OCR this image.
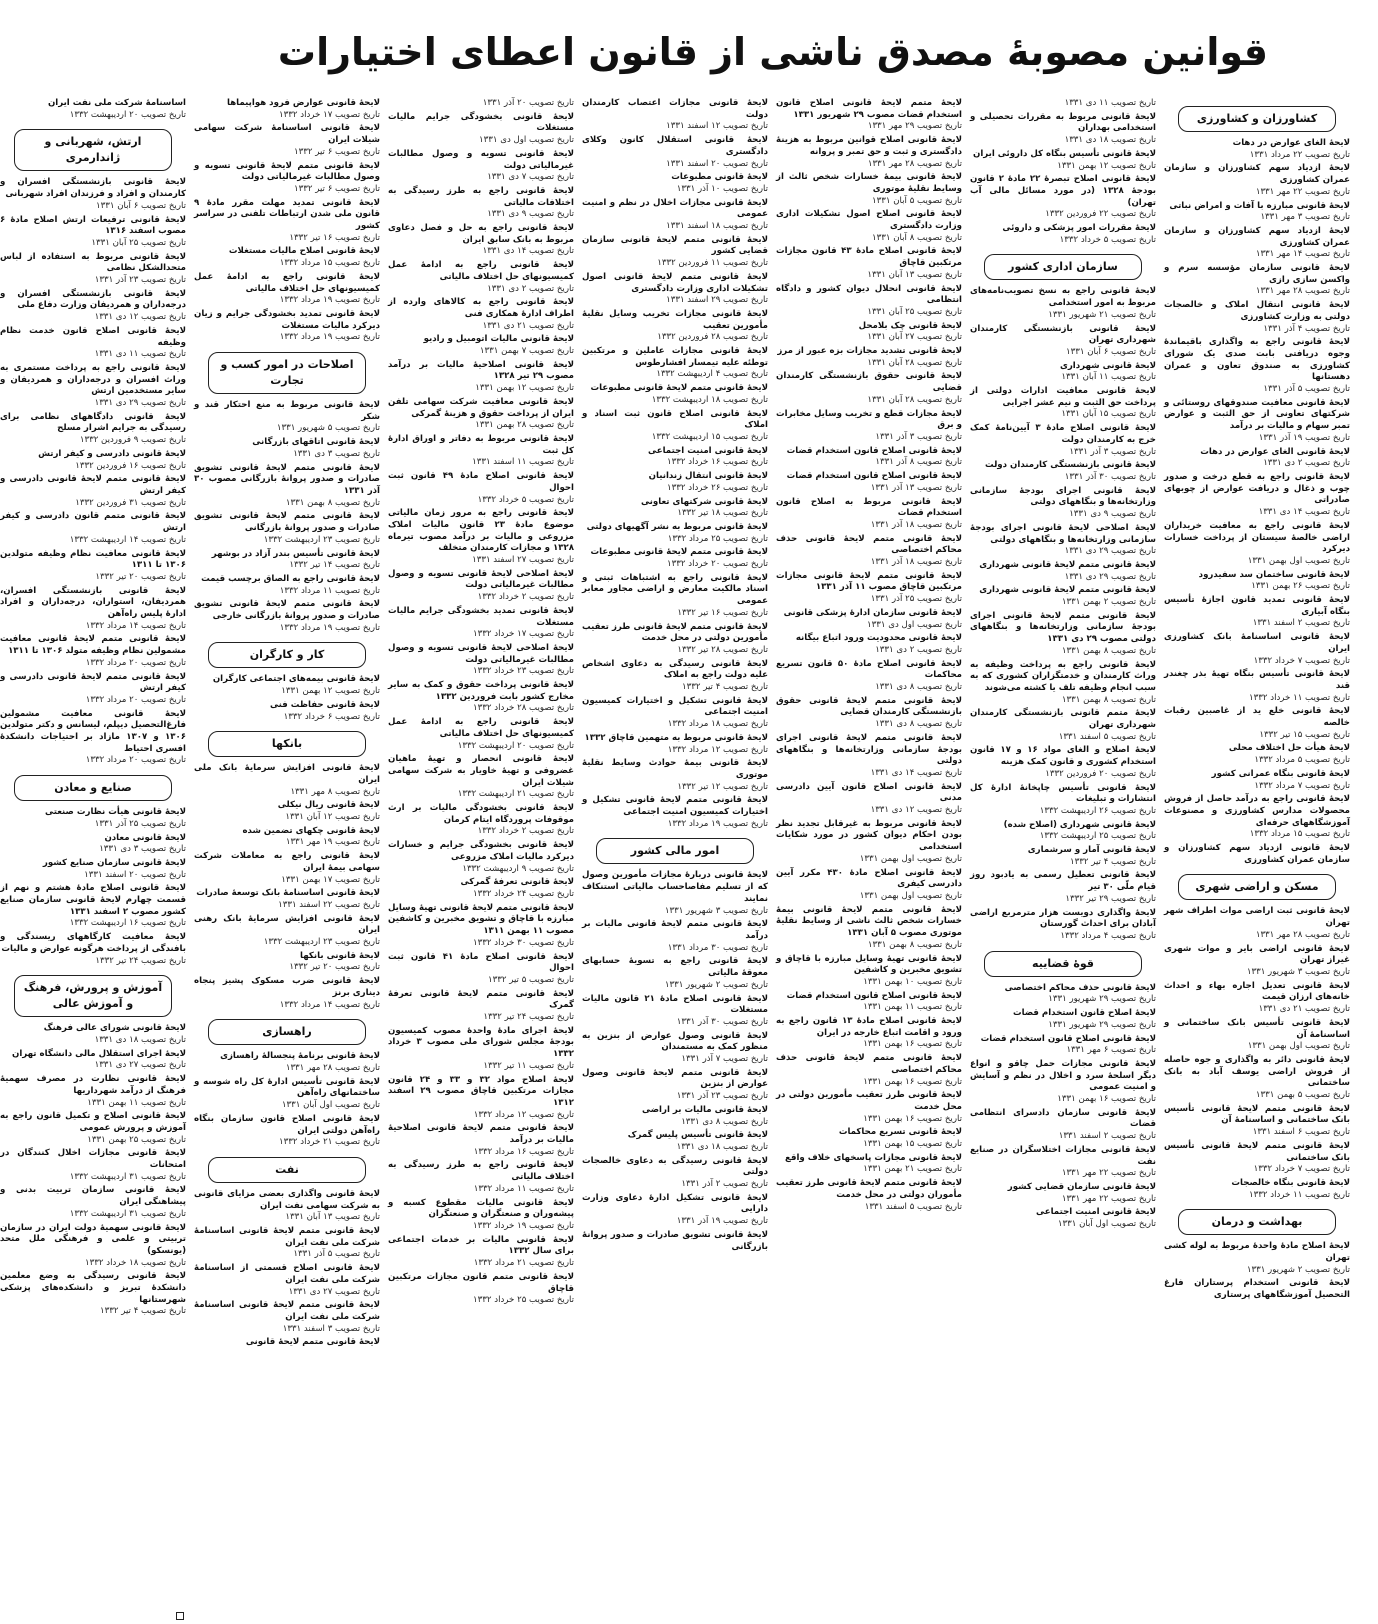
قوانین مصوبۀ مصدق ناشی از قانون اعطای اختیارات
کشاورزان و کشاورزی

لایحۀ الغای عوارض در دهات

تاریخ تصویب ۲۲ مرداد ۱۳۳۱

لایحۀ ازدیاد سهم کشاورزان و سازمان عمران کشاورزی

تاریخ تصویب ۲۲ مهر ۱۳۳۱

لایحۀ قانونی مبارزه با آفات و امراض نباتی

تاریخ تصویب ۳ مهر ۱۳۳۱

لایحۀ ازدیاد سهم کشاورزان و سازمان عمران کشاورزی

تاریخ تصویب ۱۴ مهر ۱۳۳۱

لایحۀ قانونی سازمان مؤسسه سرم و واکسن سازی رازی

تاریخ تصویب ۲۸ مهر ۱۳۳۱

لایحۀ قانونی انتقال املاک و خالصجات دولتی به وزارت کشاورزی

تاریخ تصویب ۴ آذر ۱۳۳۱

لایحۀ قانونی راجع به واگذاری باقیماندۀ وجوه دریافتی بابت صدی یک شورای کشاورزی به صندوق تعاون و عمران دهستانها

تاریخ تصویب ۵ آذر ۱۳۳۱

لایحۀ قانونی معافیت صندوقهای روستائی و شرکتهای تعاونی از حق الثبت و عوارض تمبر سهام و مالیات بر درآمد

تاریخ تصویب ۱۹ آذر ۱۳۳۱

لایحۀ قانونی الغای عوارض در دهات

تاریخ تصویب ۲ دی ۱۳۳۱

لایحۀ قانونی راجع به قطع درخت و صدور چوب و ذغال و دریافت عوارض از چوبهای صادراتی

تاریخ تصویب ۱۴ دی ۱۳۳۱

لایحۀ قانونی راجع به معافیت خریداران اراضی خالصۀ سیستان از پرداخت خسارات دیرکرد

تاریخ تصویب اول بهمن ۱۳۳۱

لایحۀ قانونی ساختمان سد سفیدرود

تاریخ تصویب ۲۶ بهمن ۱۳۳۱

لایحۀ قانونی تمدید قانون اجازۀ تأسیس بنگاه آبیاری

تاریخ تصویب ۲ اسفند ۱۳۳۱

لایحۀ قانونی اساسنامۀ بانک کشاورزی ایران

تاریخ تصویب ۷ خرداد ۱۳۳۲

لایحۀ قانونی تأسیس بنگاه تهیۀ بذر چغندر قند

تاریخ تصویب ۱۱ خرداد ۱۳۳۲

لایحۀ قانونی خلع ید از غاصبین رقبات خالصه

تاریخ تصویب ۱۵ تیر ۱۳۳۲

لایحۀ هیأت حل اختلاف محلی

تاریخ تصویب ۵ مرداد ۱۳۳۲

لایحۀ قانونی بنگاه عمرانی کشور

تاریخ تصویب ۷ مرداد ۱۳۳۲

لایحۀ قانونی راجع به درآمد حاصل از فروش محصولات مدارس کشاورزی و مصنوعات آموزشگاههای حرفه‌ای

تاریخ تصویب ۱۵ مرداد ۱۳۳۲

لایحۀ قانونی ازدیاد سهم کشاورزان و سازمان عمران کشاورزی

مسکن و اراضی شهری

لایحۀ قانونی ثبت اراضی موات اطراف شهر تهران

تاریخ تصویب ۲۸ مهر ۱۳۳۱

لایحۀ قانونی اراضی بایر و موات شهری غیراز تهران

تاریخ تصویب ۳ شهریور ۱۳۳۱

لایحۀ قانونی تعدیل اجاره بهاء و احداث خانه‌های ارزان قیمت

تاریخ تصویب ۲۱ دی ۱۳۳۱

لایحۀ قانونی تأسیس بانک ساختمانی و اساسنامۀ آن

تاریخ تصویب اول بهمن ۱۳۳۱

لایحۀ قانونی دائر به واگذاری و جوه حاصله از فروش اراضی یوسف آباد به بانک ساختمانی

تاریخ تصویب ۵ بهمن ۱۳۳۱

لایحۀ قانونی متمم لایحۀ قانونی تأسیس بانک ساختمانی و اساسنامۀ آن

تاریخ تصویب ۶ اسفند ۱۳۳۱

لایحۀ قانونی متمم لایحۀ قانونی تأسیس بانک ساختمانی

تاریخ تصویب ۷ خرداد ۱۳۳۲

لایحۀ قانونی بنگاه خالصجات

تاریخ تصویب ۱۱ خرداد ۱۳۳۲

بهداشت و درمان

لایحۀ اصلاح مادۀ واحدۀ مربوط به لوله کشی تهران

تاریخ تصویب ۲ شهریور ۱۳۳۱

لایحۀ قانونی استخدام پرستاران فارغ التحصیل آموزشگاههای پرستاری

تاریخ تصویب ۱۱ دی ۱۳۳۱

لایحۀ قانونی مربوط به مقررات تحصیلی و استخدامی بهداران

تاریخ تصویب ۱۸ دی ۱۳۳۱

لایحۀ قانونی تأسیس بنگاه کل داروئی ایران

تاریخ تصویب ۱۲ بهمن ۱۳۳۱

لایحۀ قانونی اصلاح تبصرۀ ۲۲ مادۀ ۲ قانون بودجۀ ۱۳۲۸ (در مورد مسائل مالی آب تهران)

تاریخ تصویب ۲۲ فروردین ۱۳۳۲

لایحۀ مقررات امور پزشکی و داروئی

تاریخ تصویب ۵ خرداد ۱۳۳۲

سازمان اداری کشور

لایحۀ قانونی راجع به نسخ تصویب‌نامه‌های مربوط به امور استخدامی

تاریخ تصویب ۲۱ شهریور ۱۳۳۱

لایحۀ قانونی بازنشستگی کارمندان شهرداری تهران

تاریخ تصویب ۶ آبان ۱۳۳۱

لایحۀ قانونی شهرداری

تاریخ تصویب ۱۱ آبان ۱۳۳۱

لایحۀ قانونی معافیت ادارات دولتی از پرداخت حق الثبت و نیم عشر اجرایی

تاریخ تصویب ۱۵ آبان ۱۳۳۱

لایحۀ قانونی اصلاح مادۀ ۳ آیین‌نامۀ کمک خرج به کارمندان دولت

تاریخ تصویب ۳ آذر ۱۳۳۱

لایحۀ قانونی بازنشستگی کارمندان دولت

تاریخ تصویب ۳۰ آذر ۱۳۳۱

لایحۀ قانونی اجرای بودجۀ سازمانی وزارتخانه‌ها و بنگاههای دولتی

تاریخ تصویب ۹ دی ۱۳۳۱

لایحۀ اصلاحی لایحۀ قانونی اجرای بودجۀ سازمانی وزارتخانه‌ها و بنگاههای دولتی

تاریخ تصویب ۲۹ دی ۱۳۳۱

لایحۀ قانونی متمم لایحۀ قانونی شهرداری

تاریخ تصویب ۲۹ دی ۱۳۳۱

لایحۀ قانونی متمم لایحۀ قانونی شهرداری

تاریخ تصویب ۲ بهمن ۱۳۳۱

لایحۀ قانونی متمم لایحۀ قانونی اجرای بودجۀ سازمانی وزارتخانه‌ها و بنگاههای دولتی مصوب ۲۹ دی ۱۳۳۱

تاریخ تصویب ۸ بهمن ۱۳۳۱

لایحۀ قانونی راجع به پرداخت وظیفه به وراث کارمندان و خدمتگزاران کشوری که به سبب انجام وظیفه تلف یا کشته می‌شوند

تاریخ تصویب ۸ بهمن ۱۳۳۱

لایحۀ متمم قانونی بازنشستگی کارمندان شهرداری تهران

تاریخ تصویب ۵ اسفند ۱۳۳۱

لایحۀ اصلاح و الغای مواد ۱۶ و ۱۷ قانون استخدام کشوری و قانون کمک هزینه

تاریخ تصویب ۲۰ فروردین ۱۳۳۲

لایحۀ قانونی تأسیس چاپخانۀ ادارۀ کل انتشارات و تبلیغات

تاریخ تصویب ۲۶ اردیبهشت ۱۳۳۲

لایحۀ قانونی شهرداری (اصلاح شده)

تاریخ تصویب ۲۵ اردیبهشت ۱۳۳۲

لایحۀ قانونی آمار و سرشماری

تاریخ تصویب ۴ تیر ۱۳۳۲

لایحۀ قانونی تعطیل رسمی به یادبود روز قیام ملّی ۳۰ تیر

تاریخ تصویب ۲۹ تیر ۱۳۳۲

لایحۀ واگذاری دویست هزار مترمربع اراضی آبادان برای احداث گورستان

تاریخ تصویب ۴ مرداد ۱۳۳۲

قوۀ قضاییه

لایحۀ قانونی حذف محاکم اختصاصی

تاریخ تصویب ۲۹ شهریور ۱۳۳۱

لایحۀ اصلاح قانون استخدام قضات

تاریخ تصویب ۲۹ شهریور ۱۳۳۱

لایحۀ قانونی اصلاح قانون استخدام قضات

تاریخ تصویب ۶ مهر ۱۳۳۱

لایحۀ قانونی مجازات حمل چاقو و انواع دیگر اسلحۀ سرد و اخلال در نظم و آسایش و امنیت عمومی

تاریخ تصویب ۱۶ بهمن ۱۳۳۱

لایحۀ قانونی سازمان دادسرای انتظامی قضات

تاریخ تصویب ۲ اسفند ۱۳۳۱

لایحۀ قانونی مجازات اختلاسگران در صنایع نفت

تاریخ تصویب ۲۲ مهر ۱۳۳۱

لایحۀ قانونی سازمان قضایی کشور

تاریخ تصویب ۲۲ مهر ۱۳۳۱

لایحۀ قانونی امنیت اجتماعی

تاریخ تصویب اول آبان ۱۳۳۱

لایحۀ متمم لایحۀ قانونی اصلاح قانون استخدام قضات مصوب ۲۹ شهریور ۱۳۳۱

تاریخ تصویب ۲۹ مهر ۱۳۳۱

لایحۀ قانونی اصلاح قوانین مربوط به هزینۀ دادگستری و ثبت و حق تمبر و پروانه

تاریخ تصویب ۲۸ مهر ۱۳۳۱

لایحۀ قانونی بیمۀ خسارات شخص ثالث از وسایط نقلیۀ موتوری

تاریخ تصویب ۵ آبان ۱۳۳۱

لایحۀ قانونی اصلاح اصول تشکیلات اداری وزارت دادگستری

تاریخ تصویب ۸ آبان ۱۳۳۱

لایحۀ قانونی اصلاح مادۀ ۴۳ قانون مجازات مرتکبین قاچاق

تاریخ تصویب ۱۳ آبان ۱۳۳۱

لایحۀ قانونی انحلال دیوان کشور و دادگاه انتظامی

تاریخ تصویب ۲۵ آبان ۱۳۳۱

لایحۀ قانونی چک بلامحل

تاریخ تصویب ۲۷ آبان ۱۳۳۱

لایحۀ قانونی تشدید مجازات بزه عبور از مرز

تاریخ تصویب ۲۸ آبان ۱۳۳۱

لایحۀ قانونی حقوق بازنشستگی کارمندان قضایی

تاریخ تصویب ۲۸ آبان ۱۳۳۱

لایحۀ مجازات قطع و تخریب وسایل مخابرات و برق

تاریخ تصویب ۳ آذر ۱۳۳۱

لایحۀ قانونی اصلاح قانون استخدام قضات

تاریخ تصویب ۸ آذر ۱۳۳۱

لایحۀ قانونی اصلاح قانون استخدام قضات

تاریخ تصویب ۱۳ آذر ۱۳۳۱

لایحۀ قانونی مربوط به اصلاح قانون استخدام قضات

تاریخ تصویب ۱۸ آذر ۱۳۳۱

لایحۀ قانونی متمم لایحۀ قانونی حذف محاکم اختصاصی

تاریخ تصویب ۱۸ آذر ۱۳۳۱

لایحۀ قانونی متمم لایحۀ قانونی مجازات مرتکبین قاچاق مصوب ۱۱ آذر ۱۳۳۱

تاریخ تصویب ۲۵ آذر ۱۳۳۱

لایحۀ قانونی سازمان ادارۀ پزشکی قانونی

تاریخ تصویب اول دی ۱۳۳۱

لایحۀ قانونی محدودیت ورود اتباع بیگانه

تاریخ تصویب ۲ دی ۱۳۳۱

لایحۀ قانونی اصلاح مادۀ ۵۰ قانون تسریع محاکمات

تاریخ تصویب ۸ دی ۱۳۳۱

لایحۀ قانونی متمم لایحۀ قانونی حقوق بازنشستگی کارمندان قضایی

تاریخ تصویب ۸ دی ۱۳۳۱

لایحۀ قانونی متمم لایحۀ قانونی اجرای بودجۀ سازمانی وزارتخانه‌ها و بنگاههای دولتی

تاریخ تصویب ۱۴ دی ۱۳۳۱

لایحۀ قانونی اصلاح قانون آیین دادرسی مدنی

تاریخ تصویب ۱۲ دی ۱۳۳۱

لایحۀ قانونی مربوط به غیرقابل تجدید نظر بودن احکام دیوان کشور در مورد شکایات استخدامی

تاریخ تصویب اول بهمن ۱۳۳۱

لایحۀ قانونی اصلاح مادۀ ۴۳۰ مکرر آیین دادرسی کیفری

تاریخ تصویب اول بهمن ۱۳۳۱

لایحۀ قانونی متمم لایحۀ قانونی بیمۀ خسارات شخص ثالث ناشی از وسایط نقلیۀ موتوری مصوب ۵ آبان ۱۳۳۱

تاریخ تصویب ۸ بهمن ۱۳۳۱

لایحۀ قانونی تهیۀ وسایل مبارزه با قاچاق و تشویق مخبرین و کاشفین

تاریخ تصویب ۱۰ بهمن ۱۳۳۱

لایحۀ قانونی اصلاح قانون استخدام قضات

تاریخ تصویب ۱۱ بهمن ۱۳۳۱

لایحۀ قانونی اصلاح مادۀ ۱۳ قانون راجع به ورود و اقامت اتباع خارجه در ایران

تاریخ تصویب ۱۶ بهمن ۱۳۳۱

لایحۀ قانونی متمم لایحۀ قانونی حذف محاکم اختصاصی

تاریخ تصویب ۱۶ بهمن ۱۳۳۱

لایحۀ قانونی طرز تعقیب مأمورین دولتی در محل خدمت

تاریخ تصویب ۱۶ بهمن ۱۳۳۱

لایحۀ قانونی تسریع محاکمات

تاریخ تصویب ۱۵ بهمن ۱۳۳۱

لایحۀ قانونی مجازات پاسخهای خلاف واقع

تاریخ تصویب ۲۱ بهمن ۱۳۳۱

لایحۀ قانونی متمم لایحۀ قانونی طرز تعقیب مأموران دولتی در محل خدمت

تاریخ تصویب ۵ اسفند ۱۳۳۱

لایحۀ قانونی مجازات اعتصاب کارمندان دولت

تاریخ تصویب ۱۲ اسفند ۱۳۳۱

لایحۀ قانونی استقلال کانون وکلای دادگستری

تاریخ تصویب ۲۰ اسفند ۱۳۳۱

لایحۀ قانونی مطبوعات

تاریخ تصویب ۱۰ آذر ۱۳۳۱

لایحۀ قانونی مجازات اخلال در نظم و امنیت عمومی

تاریخ تصویب ۱۸ اسفند ۱۳۳۱

لایحۀ قانونی متمم لایحۀ قانونی سازمان قضایی کشور

تاریخ تصویب ۱۱ فروردین ۱۳۳۲

لایحۀ قانونی متمم لایحۀ قانونی اصول تشکیلات اداری وزارت دادگستری

تاریخ تصویب ۲۹ اسفند ۱۳۳۱

لایحۀ قانونی مجازات تخریب وسایل نقلیۀ مأمورین تعقیب

تاریخ تصویب ۲۸ فروردین ۱۳۳۲

لایحۀ قانونی مجازات عاملین و مرتکبین توطئه علیه تیمسار افشارطوس

تاریخ تصویب ۴ اردیبهشت ۱۳۳۲

لایحۀ قانونی متمم لایحۀ قانونی مطبوعات

تاریخ تصویب ۱۸ اردیبهشت ۱۳۳۲

لایحۀ قانونی اصلاح قانون ثبت اسناد و املاک

تاریخ تصویب ۱۵ اردیبهشت ۱۳۳۲

لایحۀ قانونی امنیت اجتماعی

تاریخ تصویب ۱۶ خرداد ۱۳۳۲

لایحۀ قانونی انتقال زندانیان

تاریخ تصویب ۲۶ خرداد ۱۳۳۲

لایحۀ قانونی شرکتهای تعاونی

تاریخ تصویب ۱۸ تیر ۱۳۳۲

لایحۀ قانونی مربوط به نشر آگهیهای دولتی

تاریخ تصویب ۲۵ مرداد ۱۳۳۲

لایحۀ قانونی متمم لایحۀ قانونی مطبوعات

تاریخ تصویب ۲۰ خرداد ۱۳۳۲

لایحۀ قانونی راجع به اشتباهات ثبتی و اسناد مالکیت معارض و اراضی مجاور معابر عمومی

تاریخ تصویب ۱۶ تیر ۱۳۳۲

لایحۀ قانونی متمم لایحۀ قانونی طرز تعقیب مأمورین دولتی در محل خدمت

تاریخ تصویب ۲۸ تیر ۱۳۳۲

لایحۀ قانونی رسیدگی به دعاوی اشخاص علیه دولت راجع به املاک

تاریخ تصویب ۴ تیر ۱۳۳۲

لایحۀ قانونی تشکیل و اختیارات کمیسیون امنیت اجتماعی

تاریخ تصویب ۱۸ مرداد ۱۳۳۲

لایحۀ قانونی مربوط به متهمین قاچاق ۱۳۳۲

تاریخ تصویب ۱۲ مرداد ۱۳۳۲

لایحۀ قانونی بیمۀ حوادث وسایط نقلیۀ موتوری

تاریخ تصویب ۱۲ تیر ۱۳۳۲

لایحۀ قانونی متمم لایحۀ قانونی تشکیل و اختیارات کمیسیون امنیت اجتماعی

تاریخ تصویب ۱۹ مرداد ۱۳۳۲

امور مالی کشور

لایحۀ قانونی دربارۀ مجازات مأمورین وصول که از تسلیم مفاصاحساب مالیاتی استنکاف نمایند

تاریخ تصویب ۳ شهریور ۱۳۳۱

لایحۀ قانونی متمم لایحۀ قانونی مالیات بر درآمد

تاریخ تصویب ۳۰ مرداد ۱۳۳۱

لایحۀ قانونی راجع به تسویۀ حسابهای معوقۀ مالیاتی

تاریخ تصویب ۲ شهریور ۱۳۳۱

لایحۀ قانونی اصلاح مادۀ ۲۱ قانون مالیات مستغلات

تاریخ تصویب ۳۰ آذر ۱۳۳۱

لایحۀ قانونی وصول عوارض از بنزین به منظور کمک به مستمندان

تاریخ تصویب ۷ آذر ۱۳۳۱

لایحۀ قانونی متمم لایحۀ قانونی وصول عوارض از بنزین

تاریخ تصویب ۲۳ آذر ۱۳۳۱

لایحۀ قانونی مالیات بر اراضی

تاریخ تصویب ۸ دی ۱۳۳۱

لایحۀ قانونی تأسیس پلیس گمرک

تاریخ تصویب ۱۸ دی ۱۳۳۱

لایحۀ قانونی رسیدگی به دعاوی خالصجات دولتی

تاریخ تصویب ۲ آذر ۱۳۳۱

لایحۀ قانونی تشکیل ادارۀ دعاوی وزارت دارایی

تاریخ تصویب ۱۹ آذر ۱۳۳۱

لایحۀ قانونی تشویق صادرات و صدور پروانۀ بازرگانی

تاریخ تصویب ۲۰ آذر ۱۳۳۱

لایحۀ قانونی بخشودگی جرایم مالیات مستغلات

تاریخ تصویب اول دی ۱۳۳۱

لایحۀ قانونی تسویه و وصول مطالبات غیرمالیاتی دولت

تاریخ تصویب ۷ دی ۱۳۳۱

لایحۀ قانونی راجع به طرز رسیدگی به اختلافات مالیاتی

تاریخ تصویب ۹ دی ۱۳۳۱

لایحۀ قانونی راجع به حل و فصل دعاوی مربوط به بانک سابق ایران

تاریخ تصویب ۱۴ دی ۱۳۳۱

لایحۀ قانونی راجع به ادامۀ عمل کمیسیونهای حل اختلاف مالیاتی

تاریخ تصویب ۲ دی ۱۳۳۱

لایحۀ قانونی راجع به کالاهای وارده از اطراف ادارۀ همکاری فنی

تاریخ تصویب ۲۱ دی ۱۳۳۱

لایحۀ قانونی مالیات اتومبیل و رادیو

تاریخ تصویب ۷ بهمن ۱۳۳۱

لایحۀ قانونی اصلاحیۀ مالیات بر درآمد مصوب ۲۹ تیر ۱۳۲۸

تاریخ تصویب ۱۲ بهمن ۱۳۳۱

لایحۀ قانونی معافیت شرکت سهامی تلفن ایران از پرداخت حقوق و هزینۀ گمرکی

تاریخ تصویب ۲۸ بهمن ۱۳۳۱

لایحۀ قانونی مربوط به دفاتر و اوراق ادارۀ کل ثبت

تاریخ تصویب ۱۱ اسفند ۱۳۳۱

لایحۀ قانونی اصلاح مادۀ ۴۹ قانون ثبت احوال

تاریخ تصویب ۵ خرداد ۱۳۳۲

لایحۀ قانونی راجع به مرور زمان مالیاتی موضوع مادۀ ۲۳ قانون مالیات املاک مزروعی و مالیات بر درآمد مصوب تیرماه ۱۳۲۸ و مجازات کارمندان متخلف

تاریخ تصویب ۲۷ اسفند ۱۳۳۱

لایحۀ اصلاحی لایحۀ قانونی تسویه و وصول مطالبات غیرمالیاتی دولت

تاریخ تصویب ۲ خرداد ۱۳۳۲

لایحۀ قانونی تمدید بخشودگی جرایم مالیات مستغلات

تاریخ تصویب ۱۷ خرداد ۱۳۳۲

لایحۀ اصلاحی لایحۀ قانونی تسویه و وصول مطالبات غیرمالیاتی دولت

تاریخ تصویب ۲۳ خرداد ۱۳۳۲

لایحۀ قانونی پرداخت حقوق و کمک به سایر مخارج کشور بابت فروردین ۱۳۳۲

تاریخ تصویب ۲۸ خرداد ۱۳۳۲

لایحۀ قانونی راجع به ادامۀ عمل کمیسیونهای حل اختلاف مالیاتی

تاریخ تصویب ۲۰ اردیبهشت ۱۳۳۲

لایحۀ قانونی انحصار و تهیۀ ماهیان غضروفی و تهیۀ خاویار به شرکت سهامی شیلات ایران

تاریخ تصویب ۲۱ اردیبهشت ۱۳۳۲

لایحۀ قانونی بخشودگی مالیات بر ارث موقوفات پروردگاه ایتام کرمان

تاریخ تصویب ۲ خرداد ۱۳۳۲

لایحۀ قانونی بخشودگی جرایم و خسارات دیرکرد مالیات املاک مزروعی

تاریخ تصویب ۹ اردیبهشت ۱۳۳۲

لایحۀ قانونی تعرفۀ گمرکی

تاریخ تصویب ۲۴ خرداد ۱۳۳۲

لایحۀ قانونی متمم لایحۀ قانونی تهیۀ وسایل مبارزه با قاچاق و تشویق مخبرین و کاشفین مصوب ۱۱ بهمن ۱۳۱۱

تاریخ تصویب ۳۰ خرداد ۱۳۳۲

لایحۀ قانونی اصلاح مادۀ ۴۱ قانون ثبت احوال

تاریخ تصویب ۵ تیر ۱۳۳۲

لایحۀ قانونی متمم لایحۀ قانونی تعرفۀ گمرک

تاریخ تصویب ۲۴ تیر ۱۳۳۲

لایحۀ اجرای مادۀ واحدۀ مصوب کمیسیون بودجۀ مجلس شورای ملی مصوب ۳ خرداد ۱۳۳۲

تاریخ تصویب ۱۱ تیر ۱۳۳۲

لایحۀ اصلاح مواد ۳۲ و ۳۳ و ۲۴ قانون مجازات مرتکبین قاچاق مصوب ۲۹ اسفند ۱۳۱۲

تاریخ تصویب ۱۲ مرداد ۱۳۳۲

لایحۀ قانونی متمم لایحۀ قانونی اصلاحیۀ مالیات بر درآمد

تاریخ تصویب ۱۶ مرداد ۱۳۳۲

لایحۀ قانونی راجع به طرز رسیدگی به اختلاف مالیاتی

تاریخ تصویب ۱۱ مرداد ۱۳۳۲

لایحۀ قانونی مالیات مقطوع کسبه و پیشه‌وران و صنعتگران و صنعتگران

تاریخ تصویب ۱۹ خرداد ۱۳۳۲

لایحۀ قانونی مالیات بر خدمات اجتماعی برای سال ۱۳۳۲

تاریخ تصویب ۲۱ مرداد ۱۳۳۲

لایحۀ قانونی متمم قانون مجازات مرتکبین قاچاق

تاریخ تصویب ۲۵ خرداد ۱۳۳۲

لایحۀ قانونی عوارض فرود هواپیماها

تاریخ تصویب ۱۷ خرداد ۱۳۳۲

لایحۀ قانونی اساسنامۀ شرکت سهامی شیلات ایران

تاریخ تصویب ۶ تیر ۱۳۳۲

لایحۀ قانونی متمم لایحۀ قانونی تسویه و وصول مطالبات غیرمالیاتی دولت

تاریخ تصویب ۶ تیر ۱۳۳۲

لایحۀ قانونی تمدید مهلت مقرر مادۀ ۹ قانون ملی شدن ارتباطات تلفنی در سراسر کشور

تاریخ تصویب ۱۶ تیر ۱۳۳۲

لایحۀ قانونی اصلاح مالیات مستغلات

تاریخ تصویب ۱۵ مرداد ۱۳۳۲

لایحۀ قانونی راجع به ادامۀ عمل کمیسیونهای حل اختلاف مالیاتی

تاریخ تصویب ۱۹ مرداد ۱۳۳۲

لایحۀ قانونی تمدید بخشودگی جرایم و زیان دیرکرد مالیات مستغلات

تاریخ تصویب ۱۹ مرداد ۱۳۳۲

اصلاحات در امور کسب و تجارت

لایحۀ قانونی مربوط به منع احتکار قند و شکر

تاریخ تصویب ۵ شهریور ۱۳۳۱

لایحۀ قانونی اتاقهای بازرگانی

تاریخ تصویب ۳ دی ۱۳۳۱

لایحۀ قانونی متمم لایحۀ قانونی تشویق صادرات و صدور پروانۀ بازرگانی مصوب ۳۰ آذر ۱۳۳۱

تاریخ تصویب ۸ بهمن ۱۳۳۱

لایحۀ قانونی متمم لایحۀ قانونی تشویق صادرات و صدور پروانۀ بازرگانی

تاریخ تصویب ۲۳ اردیبهشت ۱۳۳۲

لایحۀ قانونی تأسیس بندر آزاد در بوشهر

تاریخ تصویب ۱۴ تیر ۱۳۳۲

لایحۀ قانونی راجع به الصاق برچسب قیمت

تاریخ تصویب ۱۱ مرداد ۱۳۳۲

لایحۀ قانونی متمم لایحۀ قانونی تشویق صادرات و صدور پروانۀ بازرگانی خارجی

تاریخ تصویب ۱۹ مرداد ۱۳۳۲

کار و کارگران

لایحۀ قانونی بیمه‌های اجتماعی کارگران

تاریخ تصویب ۱۲ بهمن ۱۳۳۱

لایحۀ قانونی حفاظت فنی

تاریخ تصویب ۶ خرداد ۱۳۳۲

بانکها

لایحۀ قانونی افزایش سرمایۀ بانک ملی ایران

تاریخ تصویب ۸ مهر ۱۳۳۱

لایحۀ قانونی ریال نیکلی

تاریخ تصویب ۱۲ آبان ۱۳۳۱

لایحۀ قانونی چکهای تضمین شده

تاریخ تصویب ۱۹ مهر ۱۳۳۱

لایحۀ قانونی راجع به معاملات شرکت سهامی بیمۀ ایران

تاریخ تصویب ۱۷ بهمن ۱۳۳۱

لایحۀ قانونی اساسنامۀ بانک توسعۀ صادرات

تاریخ تصویب ۲۲ اسفند ۱۳۳۱

لایحۀ قانونی افزایش سرمایۀ بانک رهنی ایران

تاریخ تصویب ۲۳ اردیبهشت ۱۳۳۲

لایحۀ قانونی بانکها

تاریخ تصویب ۲۰ تیر ۱۳۳۲

لایحۀ قانونی ضرب مسکوک پشیز پنجاه دیناری برنز

تاریخ تصویب ۱۴ مرداد ۱۳۳۲

راهسازی

لایحۀ قانونی برنامۀ پنجسالۀ راهسازی

تاریخ تصویب ۲۸ مهر ۱۳۳۱

لایحۀ قانونی تأسیس ادارۀ کل راه شوسه و ساختمانهای راه‌آهن

تاریخ تصویب اول آبان ۱۳۳۱

لایحۀ قانونی اصلاح قانون سازمان بنگاه راه‌آهن دولتی ایران

تاریخ تصویب ۲۱ خرداد ۱۳۳۲

نفت

لایحۀ قانونی واگذاری بعضی مزایای قانونی به شرکت سهامی نفت ایران

تاریخ تصویب ۱۳ آبان ۱۳۳۱

لایحۀ قانونی متمم لایحۀ قانونی اساسنامۀ شرکت ملی نفت ایران

تاریخ تصویب ۵ آذر ۱۳۳۱

لایحۀ قانونی اصلاح قسمتی از اساسنامۀ شرکت ملی نفت ایران

تاریخ تصویب ۲۷ دی ۱۳۳۱

لایحۀ قانونی متمم لایحۀ قانونی اساسنامۀ شرکت ملی نفت ایران

تاریخ تصویب ۳ اسفند ۱۳۳۱

لایحۀ قانونی متمم لایحۀ قانونی

اساسنامۀ شرکت ملی نفت ایران

تاریخ تصویب ۲۰ اردیبهشت ۱۳۳۲

ارتش، شهربانی و ژاندارمری

لایحۀ قانونی بازنشستگی افسران و کارمندان و افراد و فرزندان افراد شهربانی

تاریخ تصویب ۶ آبان ۱۳۳۱

لایحۀ قانونی ترفیعات ارتش اصلاح مادۀ ۶ مصوب اسفند ۱۳۱۶

تاریخ تصویب ۲۵ آبان ۱۳۳۱

لایحۀ قانونی مربوط به استفاده از لباس متحدالشکل نظامی

تاریخ تصویب ۲۳ آذر ۱۳۳۱

لایحۀ قانونی بازنشستگی افسران و درجه‌داران و همردیفان وزارت دفاع ملی

تاریخ تصویب ۱۲ دی ۱۳۳۱

لایحۀ قانونی اصلاح قانون خدمت نظام وظیفه

تاریخ تصویب ۱۱ دی ۱۳۳۱

لایحۀ قانونی راجع به پرداخت مستمری به وراث افسران و درجه‌داران و همردیفان و سایر مستخدمین ارتش

تاریخ تصویب ۲۹ دی ۱۳۳۱

لایحۀ قانونی دادگاههای نظامی برای رسیدگی به جرایم اشرار مسلح

تاریخ تصویب ۹ فروردین ۱۳۳۲

لایحۀ قانونی دادرسی و کیفر ارتش

تاریخ تصویب ۱۶ فروردین ۱۳۳۲

لایحۀ قانونی متمم لایحۀ قانونی دادرسی و کیفر ارتش

تاریخ تصویب ۳۱ فروردین ۱۳۳۲

لایحۀ قانونی متمم قانون دادرسی و کیفر ارتش

تاریخ تصویب ۱۴ اردیبهشت ۱۳۳۲

لایحۀ قانونی معافیت نظام وظیفه متولدین ۱۳۰۶ تا ۱۳۱۱

تاریخ تصویب ۲۰ تیر ۱۳۳۲

لایحۀ قانونی بازنشستگی افسران، همردیفان، استواران، درجه‌داران و افراد ادارۀ پلیس راه‌آهن

تاریخ تصویب ۱۴ مرداد ۱۳۳۲

لایحۀ قانونی متمم لایحۀ قانونی معافیت مشمولین نظام وظیفه متولد ۱۳۰۶ تا ۱۳۱۱

تاریخ تصویب ۲۰ مرداد ۱۳۳۲

لایحۀ قانونی متمم لایحۀ قانونی دادرسی و کیفر ارتش

تاریخ تصویب ۲۰ مرداد ۱۳۳۲

لایحۀ قانونی معافیت مشمولین فارغ‌التحصیل دیپلم، لیسانس و دکتر متولدین ۱۳۰۶ و ۱۳۰۷ مازاد بر احتیاجات دانشکدۀ افسری احتیاط

تاریخ تصویب ۲۰ مرداد ۱۳۳۲

صنایع و معادن

لایحۀ قانونی هیأت نظارت صنعتی

تاریخ تصویب ۲۵ آذر ۱۳۳۱

لایحۀ قانونی معادن

تاریخ تصویب ۳ دی ۱۳۳۱

لایحۀ قانونی سازمان صنایع کشور

تاریخ تصویب ۲۰ اسفند ۱۳۳۱

لایحۀ قانونی اصلاح مادۀ هشتم و نهم از قسمت چهارم لایحۀ قانونی سازمان صنایع کشور مصوب ۲ اسفند ۱۳۳۱

تاریخ تصویب ۱۶ اردیبهشت ۱۳۳۲

لایحۀ معافیت کارگاههای ریسندگی و بافندگی از پرداخت هرگونه عوارض و مالیات

تاریخ تصویب ۲۴ تیر ۱۳۳۲

آموزش و پرورش، فرهنگ و آموزش عالی

لایحۀ قانونی شورای عالی فرهنگ

تاریخ تصویب ۱۸ دی ۱۳۳۱

لایحۀ اجرای استقلال مالی دانشگاه تهران

تاریخ تصویب ۲۷ دی ۱۳۳۱

لایحۀ قانونی نظارت در مصرف سهمیۀ فرهنگ از درآمد شهرداریها

تاریخ تصویب ۱۱ بهمن ۱۳۳۱

لایحۀ قانونی اصلاح و تکمیل قانون راجع به آموزش و پرورش عمومی

تاریخ تصویب ۲۵ بهمن ۱۳۳۱

لایحۀ قانونی مجازات اخلال کنندگان در امتحانات

تاریخ تصویب ۳۱ اردیبهشت ۱۳۳۲

لایحۀ قانونی سازمان تربیت بدنی و پیشاهنگی ایران

تاریخ تصویب ۳۱ اردیبهشت ۱۳۳۲

لایحۀ قانونی سهمیۀ دولت ایران در سازمان تربیتی و علمی و فرهنگی ملل متحد (یونسکو)

تاریخ تصویب ۱۸ خرداد ۱۳۳۲

لایحۀ قانونی رسیدگی به وضع معلمین دانشکدۀ تبریز و دانشکده‌های پزشکی شهرستانها

تاریخ تصویب ۴ تیر ۱۳۳۲
